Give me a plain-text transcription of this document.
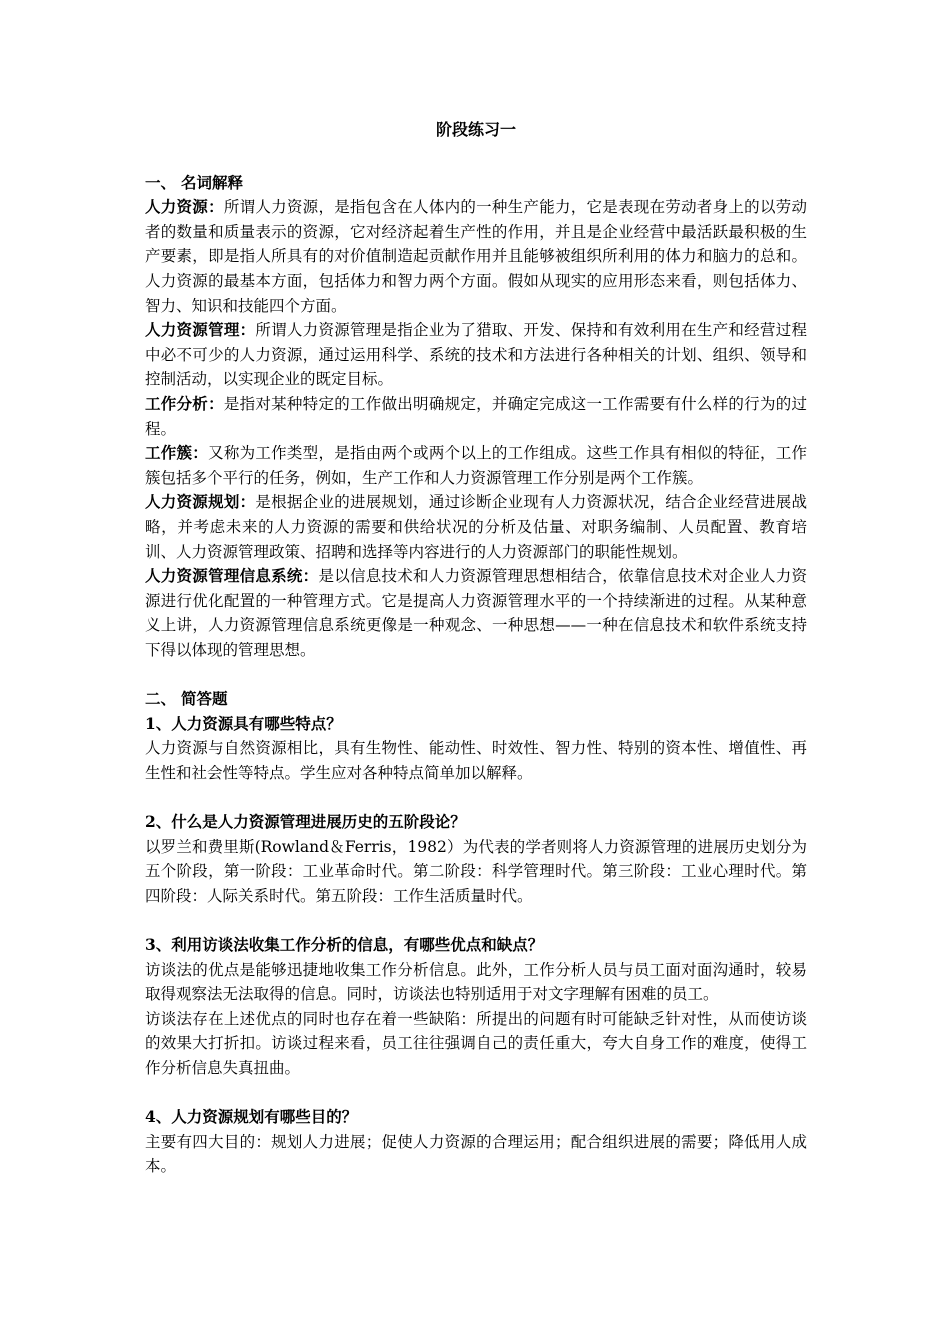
阶段练习一

一、 名词解释

人力资源：所谓人力资源，是指包含在人体内的一种生产能力，它是表现在劳动者身上的以劳动者的数量和质量表示的资源，它对经济起着生产性的作用，并且是企业经营中最活跃最积极的生产要素，即是指人所具有的对价值制造起贡献作用并且能够被组织所利用的体力和脑力的总和。人力资源的最基本方面，包括体力和智力两个方面。假如从现实的应用形态来看，则包括体力、智力、知识和技能四个方面。

人力资源管理：所谓人力资源管理是指企业为了猎取、开发、保持和有效利用在生产和经营过程中必不可少的人力资源，通过运用科学、系统的技术和方法进行各种相关的计划、组织、领导和控制活动，以实现企业的既定目标。

工作分析：是指对某种特定的工作做出明确规定，并确定完成这一工作需要有什么样的行为的过程。

工作簇：又称为工作类型，是指由两个或两个以上的工作组成。这些工作具有相似的特征，工作簇包括多个平行的任务，例如，生产工作和人力资源管理工作分别是两个工作簇。

人力资源规划：是根据企业的进展规划，通过诊断企业现有人力资源状况，结合企业经营进展战略，并考虑未来的人力资源的需要和供给状况的分析及估量、对职务编制、人员配置、教育培训、人力资源管理政策、招聘和选择等内容进行的人力资源部门的职能性规划。

人力资源管理信息系统：是以信息技术和人力资源管理思想相结合，依靠信息技术对企业人力资源进行优化配置的一种管理方式。它是提高人力资源管理水平的一个持续渐进的过程。从某种意义上讲，人力资源管理信息系统更像是一种观念、一种思想——一种在信息技术和软件系统支持下得以体现的管理思想。

二、 简答题

1、人力资源具有哪些特点？

人力资源与自然资源相比，具有生物性、能动性、时效性、智力性、特别的资本性、增值性、再生性和社会性等特点。学生应对各种特点简单加以解释。

2、什么是人力资源管理进展历史的五阶段论？

以罗兰和费里斯(Rowland＆Ferris，1982）为代表的学者则将人力资源管理的进展历史划分为五个阶段，第一阶段：工业革命时代。第二阶段：科学管理时代。第三阶段：工业心理时代。第四阶段：人际关系时代。第五阶段：工作生活质量时代。

3、利用访谈法收集工作分析的信息，有哪些优点和缺点？

访谈法的优点是能够迅捷地收集工作分析信息。此外，工作分析人员与员工面对面沟通时，较易取得观察法无法取得的信息。同时，访谈法也特别适用于对文字理解有困难的员工。

访谈法存在上述优点的同时也存在着一些缺陷：所提出的问题有时可能缺乏针对性，从而使访谈的效果大打折扣。访谈过程来看，员工往往强调自己的责任重大，夸大自身工作的难度，使得工作分析信息失真扭曲。

4、人力资源规划有哪些目的？

主要有四大目的：规划人力进展；促使人力资源的合理运用；配合组织进展的需要；降低用人成本。
